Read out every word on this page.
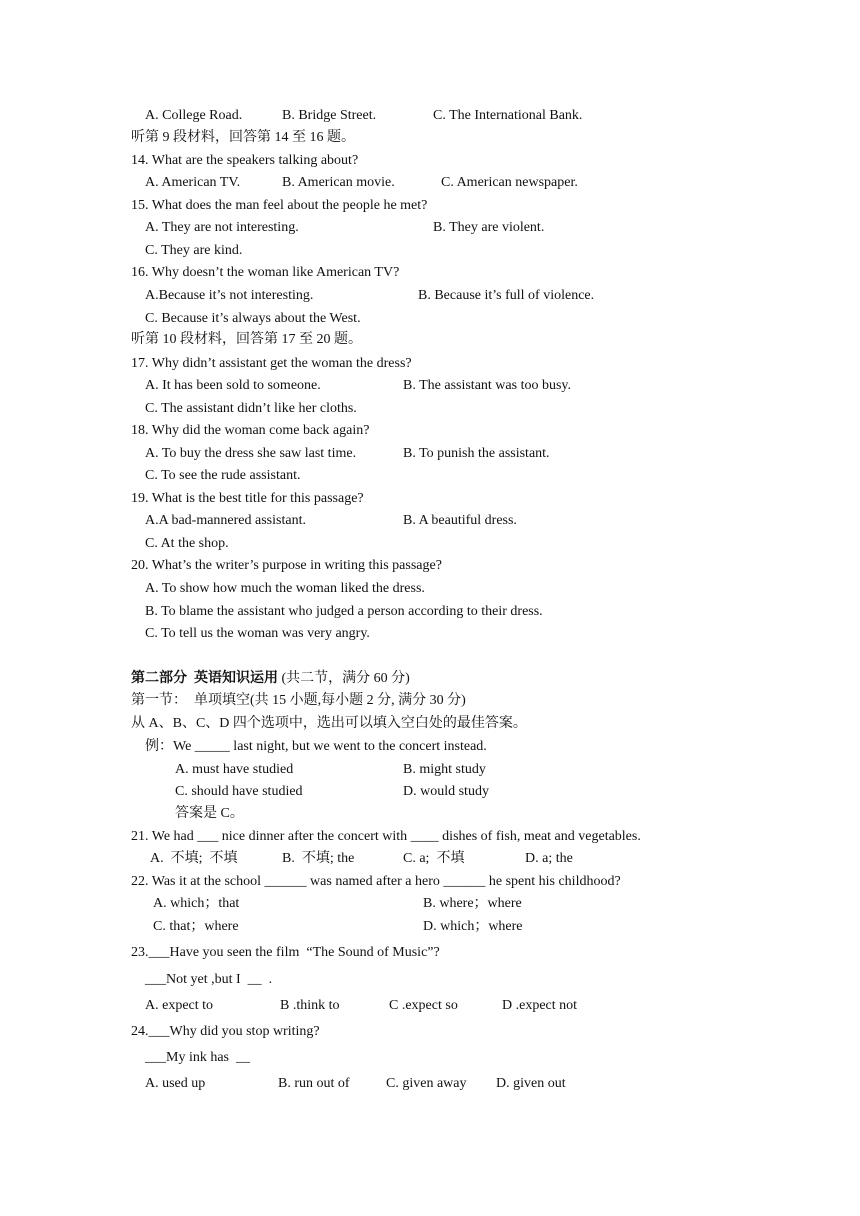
A. College Road.	B. Bridge Street.	C. The International Bank.
听第 9 段材料，回答第 14 至 16 题。
14. What are the speakers talking about?
A. American TV.	B. American movie.	C. American newspaper.
15. What does the man feel about the people he met?
A. They are not interesting.	B. They are violent.
C. They are kind.
16. Why doesn’t the woman like American TV?
A.Because it’s not interesting.	B. Because it’s full of violence.
C. Because it’s always about the West.
听第 10 段材料，回答第 17 至 20 题。
17. Why didn’t assistant get the woman the dress?
A. It has been sold to someone.	B. The assistant was too busy.
C. The assistant didn’t like her cloths.
18. Why did the woman come back again?
A. To buy the dress she saw last time.	B. To punish the assistant.
C. To see the rude assistant.
19. What is the best title for this passage?
A.A bad-mannered assistant.	B. A beautiful dress.
C. At the shop.
20. What’s the writer’s purpose in writing this passage?
A. To show how much the woman liked the dress.
B. To blame the assistant who judged a person according to their dress.
C. To tell us the woman was very angry.
第二部分  英语知识运用 (共二节，满分 60 分)
第一节：  单项填空(共 15 小题,每小题 2 分, 满分 30 分)
从 A、B、C、D 四个选项中，选出可以填入空白处的最佳答案。
例：We _____ last night, but we went to the concert instead.
A. must have studied	B. might study
C. should have studied	D. would study
答案是 C。
21. We had ___ nice dinner after the concert with ____ dishes of fish, meat and vegetables.
A.  不填;  不填	B.  不填; the	C. a;  不填	D. a; the
22. Was it at the school ______ was named after a hero ______ he spent his childhood?
A. which；that	B. where；where
C. that；where	D. which；where
23.___Have you seen the film  “The Sound of Music”?
___Not yet ,but I  __  .
A. expect to	B .think to	C .expect so	D .expect not
24.___Why did you stop writing?
___My ink has  __
A. used up	B. run out of	C. given away D. given out
